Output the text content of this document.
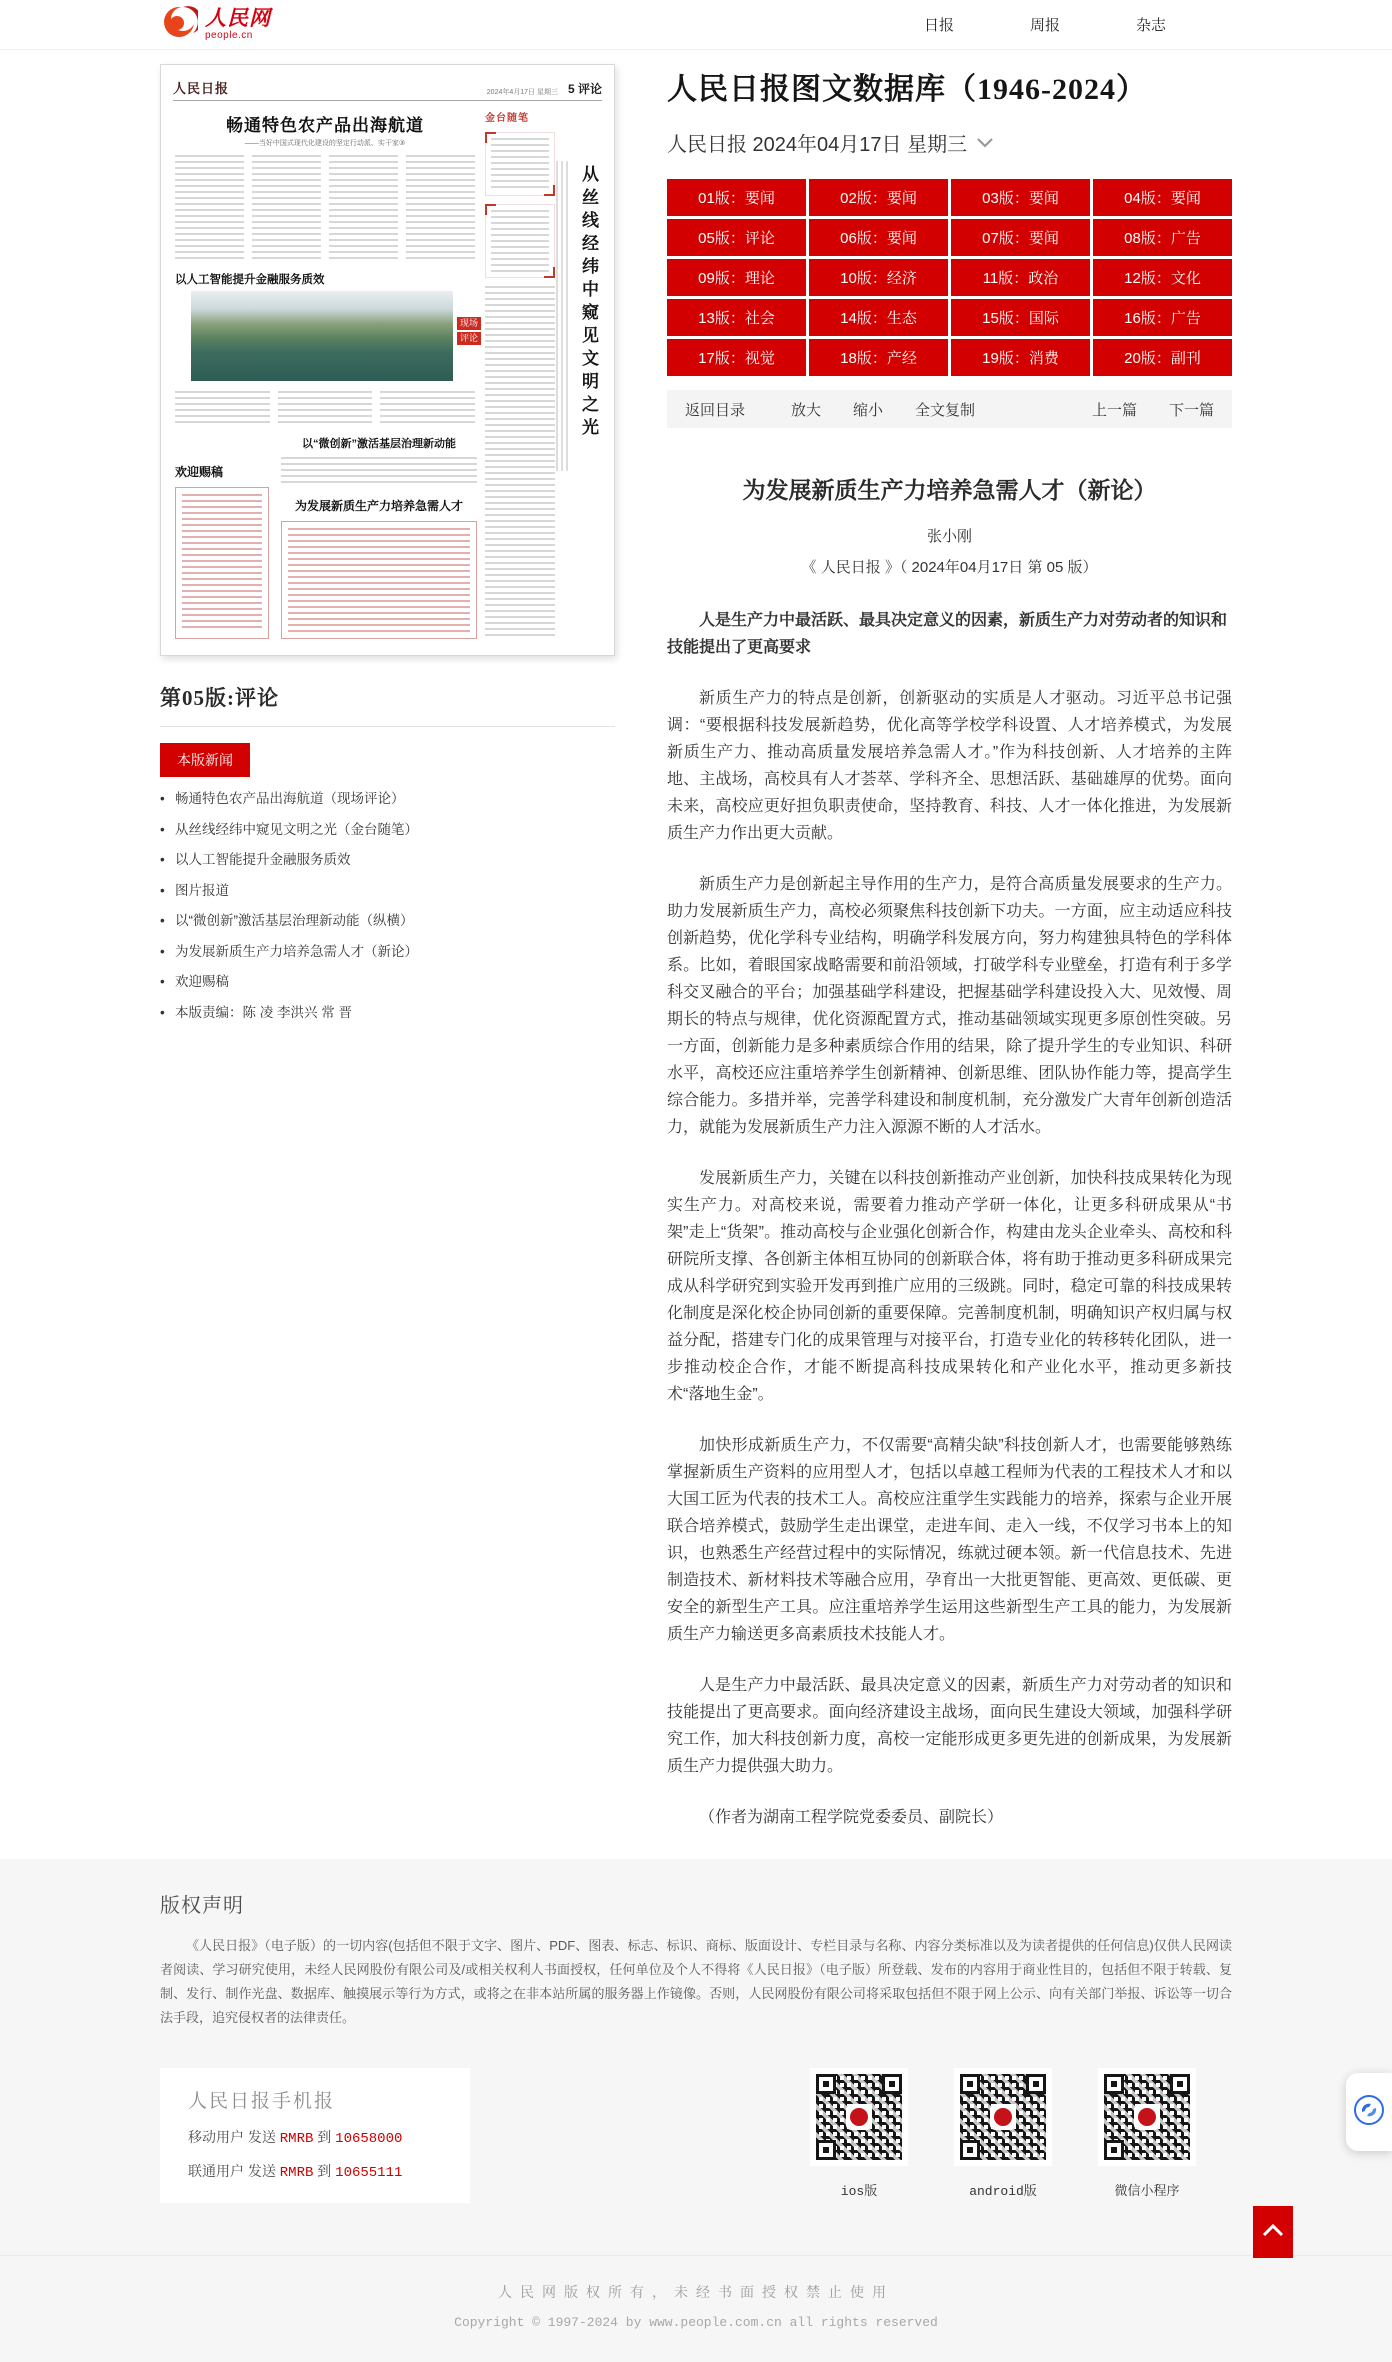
人民网
people.cn
日报	周报	杂志
人民日报	2024年4月17日 星期三 5 评论
畅通特色农产品出海航道
——当好中国式现代化建设的坚定行动派、实干家③
以人工智能提升金融服务质效
现场
评论
以“微创新”激活基层治理新动能
欢迎赐稿
为发展新质生产力培养急需人才
金台随笔
从丝线经纬中窥见文明之光
第05版:评论
本版新闻
• 畅通特色农产品出海航道（现场评论）
• 从丝线经纬中窥见文明之光（金台随笔）
• 以人工智能提升金融服务质效
• 图片报道
• 以“微创新”激活基层治理新动能（纵横）
• 为发展新质生产力培养急需人才（新论）
• 欢迎赐稿
• 本版责编：陈 凌 李洪兴 常 晋
人民日报图文数据库（1946-2024）
人民日报 2024年04月17日 星期三
01版：要闻	02版：要闻	03版：要闻	04版：要闻
05版：评论	06版：要闻	07版：要闻	08版：广告
09版：理论	10版：经济	11版：政治	12版：文化
13版：社会	14版：生态	15版：国际	16版：广告
17版：视觉	18版：产经	19版：消费	20版：副刊
返回目录	放大 缩小 全文复制	上一篇 下一篇
为发展新质生产力培养急需人才（新论）
张小刚
《 人民日报 》（ 2024年04月17日 第 05 版）
人是生产力中最活跃、最具决定意义的因素，新质生产力对劳动者的知识和技能提出了更高要求

新质生产力的特点是创新，创新驱动的实质是人才驱动。习近平总书记强调：“要根据科技发展新趋势，优化高等学校学科设置、人才培养模式，为发展新质生产力、推动高质量发展培养急需人才。”作为科技创新、人才培养的主阵地、主战场，高校具有人才荟萃、学科齐全、思想活跃、基础雄厚的优势。面向未来，高校应更好担负职责使命，坚持教育、科技、人才一体化推进，为发展新质生产力作出更大贡献。

新质生产力是创新起主导作用的生产力，是符合高质量发展要求的生产力。助力发展新质生产力，高校必须聚焦科技创新下功夫。一方面，应主动适应科技创新趋势，优化学科专业结构，明确学科发展方向，努力构建独具特色的学科体系。比如，着眼国家战略需要和前沿领域，打破学科专业壁垒，打造有利于多学科交叉融合的平台；加强基础学科建设，把握基础学科建设投入大、见效慢、周期长的特点与规律，优化资源配置方式，推动基础领域实现更多原创性突破。另一方面，创新能力是多种素质综合作用的结果，除了提升学生的专业知识、科研水平，高校还应注重培养学生创新精神、创新思维、团队协作能力等，提高学生综合能力。多措并举，完善学科建设和制度机制，充分激发广大青年创新创造活力，就能为发展新质生产力注入源源不断的人才活水。

发展新质生产力，关键在以科技创新推动产业创新，加快科技成果转化为现实生产力。对高校来说，需要着力推动产学研一体化，让更多科研成果从“书架”走上“货架”。推动高校与企业强化创新合作，构建由龙头企业牵头、高校和科研院所支撑、各创新主体相互协同的创新联合体，将有助于推动更多科研成果完成从科学研究到实验开发再到推广应用的三级跳。同时，稳定可靠的科技成果转化制度是深化校企协同创新的重要保障。完善制度机制，明确知识产权归属与权益分配，搭建专门化的成果管理与对接平台，打造专业化的转移转化团队，进一步推动校企合作，才能不断提高科技成果转化和产业化水平，推动更多新技术“落地生金”。

加快形成新质生产力，不仅需要“高精尖缺”科技创新人才，也需要能够熟练掌握新质生产资料的应用型人才，包括以卓越工程师为代表的工程技术人才和以大国工匠为代表的技术工人。高校应注重学生实践能力的培养，探索与企业开展联合培养模式，鼓励学生走出课堂，走进车间、走入一线，不仅学习书本上的知识，也熟悉生产经营过程中的实际情况，练就过硬本领。新一代信息技术、先进制造技术、新材料技术等融合应用，孕育出一大批更智能、更高效、更低碳、更安全的新型生产工具。应注重培养学生运用这些新型生产工具的能力，为发展新质生产力输送更多高素质技术技能人才。

人是生产力中最活跃、最具决定意义的因素，新质生产力对劳动者的知识和技能提出了更高要求。面向经济建设主战场，面向民生建设大领域，加强科学研究工作，加大科技创新力度，高校一定能形成更多更先进的创新成果，为发展新质生产力提供强大助力。

（作者为湖南工程学院党委委员、副院长）
版权声明

《人民日报》（电子版）的一切内容(包括但不限于文字、图片、PDF、图表、标志、标识、商标、版面设计、专栏目录与名称、内容分类标准以及为读者提供的任何信息)仅供人民网读者阅读、学习研究使用，未经人民网股份有限公司及/或相关权利人书面授权，任何单位及个人不得将《人民日报》（电子版）所登载、发布的内容用于商业性目的，包括但不限于转载、复制、发行、制作光盘、数据库、触摸展示等行为方式，或将之在非本站所属的服务器上作镜像。否则，人民网股份有限公司将采取包括但不限于网上公示、向有关部门举报、诉讼等一切合法手段，追究侵权者的法律责任。

人民日报手机报
移动用户 发送 RMRB 到 10658000
联通用户 发送 RMRB 到 10655111
ios版	android版	微信小程序
人民网版权所有，未经书面授权禁止使用
Copyright © 1997-2024 by www.people.com.cn all rights reserved
